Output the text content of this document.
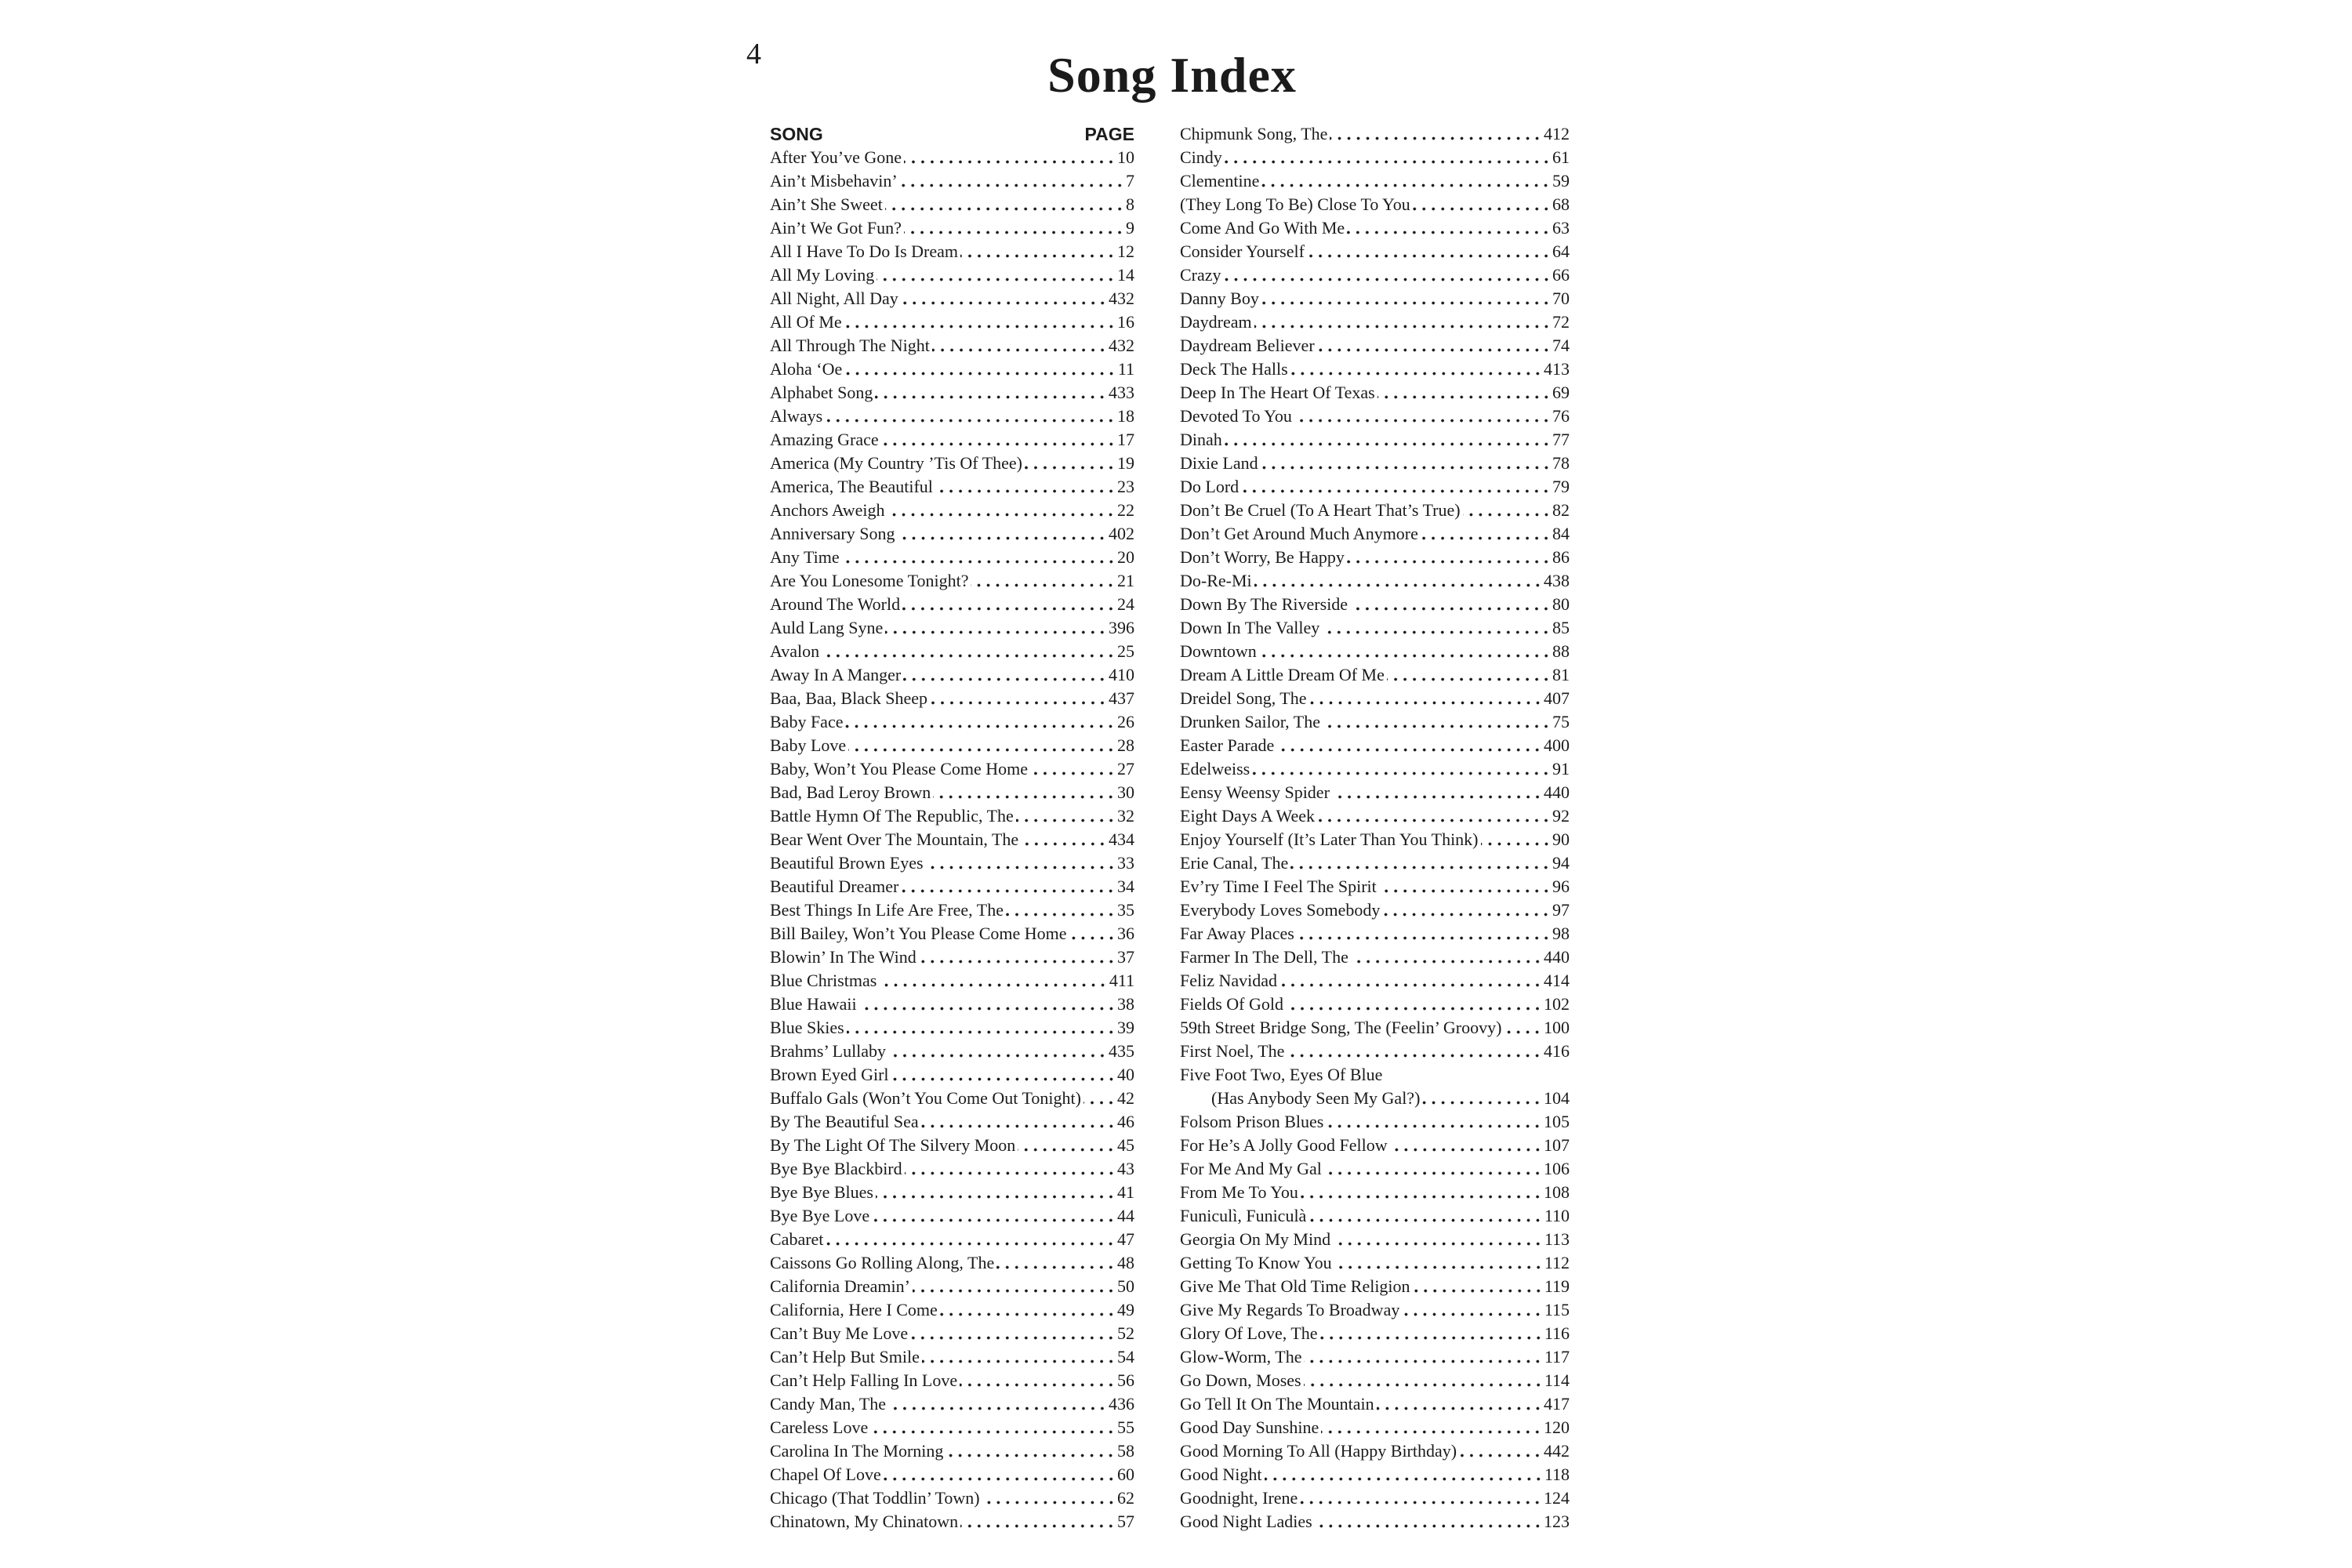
4	Song Index
SONG	PAGE
After You’ve Gone	10
Ain’t Misbehavin’	7
Ain’t She Sweet	8
Ain’t We Got Fun?	9
All I Have To Do Is Dream	12
All My Loving	14
All Night, All Day	432
All Of Me	16
All Through The Night	432
Aloha ‘Oe	11
Alphabet Song	433
Always	18
Amazing Grace	17
America (My Country ’Tis Of Thee)	19
America, The Beautiful	23
Anchors Aweigh	22
Anniversary Song	402
Any Time	20
Are You Lonesome Tonight?	21
Around The World	24
Auld Lang Syne	396
Avalon	25
Away In A Manger	410
Baa, Baa, Black Sheep	437
Baby Face	26
Baby Love	28
Baby, Won’t You Please Come Home	27
Bad, Bad Leroy Brown	30
Battle Hymn Of The Republic, The	32
Bear Went Over The Mountain, The	434
Beautiful Brown Eyes	33
Beautiful Dreamer	34
Best Things In Life Are Free, The	35
Bill Bailey, Won’t You Please Come Home	36
Blowin’ In The Wind	37
Blue Christmas	411
Blue Hawaii	38
Blue Skies	39
Brahms’ Lullaby	435
Brown Eyed Girl	40
Buffalo Gals (Won’t You Come Out Tonight) 42
By The Beautiful Sea	46
By The Light Of The Silvery Moon	45
Bye Bye Blackbird	43
Bye Bye Blues	41
Bye Bye Love	44
Cabaret	47
Caissons Go Rolling Along, The	48
California Dreamin’	50
California, Here I Come	49
Can’t Buy Me Love	52
Can’t Help But Smile	54
Can’t Help Falling In Love	56
Candy Man, The	436
Careless Love	55
Carolina In The Morning	58
Chapel Of Love	60
Chicago (That Toddlin’ Town)	62
Chinatown, My Chinatown	57
Chipmunk Song, The	412
Cindy	61
Clementine	59
(They Long To Be) Close To You	68
Come And Go With Me	63
Consider Yourself	64
Crazy	66
Danny Boy	70
Daydream	72
Daydream Believer	74
Deck The Halls	413
Deep In The Heart Of Texas	69
Devoted To You	76
Dinah	77
Dixie Land	78
Do Lord	79
Don’t Be Cruel (To A Heart That’s True)	82
Don’t Get Around Much Anymore	84
Don’t Worry, Be Happy	86
Do-Re-Mi	438
Down By The Riverside	80
Down In The Valley	85
Downtown	88
Dream A Little Dream Of Me	81
Dreidel Song, The	407
Drunken Sailor, The	75
Easter Parade	400
Edelweiss	91
Eensy Weensy Spider	440
Eight Days A Week	92
Enjoy Yourself (It’s Later Than You Think)	90
Erie Canal, The	94
Ev’ry Time I Feel The Spirit	96
Everybody Loves Somebody	97
Far Away Places	98
Farmer In The Dell, The	440
Feliz Navidad	414
Fields Of Gold	102
59th Street Bridge Song, The (Feelin’ Groovy) 100
First Noel, The	416
Five Foot Two, Eyes Of Blue
(Has Anybody Seen My Gal?)	104
Folsom Prison Blues	105
For He’s A Jolly Good Fellow	107
For Me And My Gal	106
From Me To You	108
Funiculì, Funiculà	110
Georgia On My Mind	113
Getting To Know You	112
Give Me That Old Time Religion	119
Give My Regards To Broadway	115
Glory Of Love, The	116
Glow-Worm, The	117
Go Down, Moses	114
Go Tell It On The Mountain	417
Good Day Sunshine	120
Good Morning To All (Happy Birthday)	442
Good Night	118
Goodnight, Irene	124
Good Night Ladies	123
